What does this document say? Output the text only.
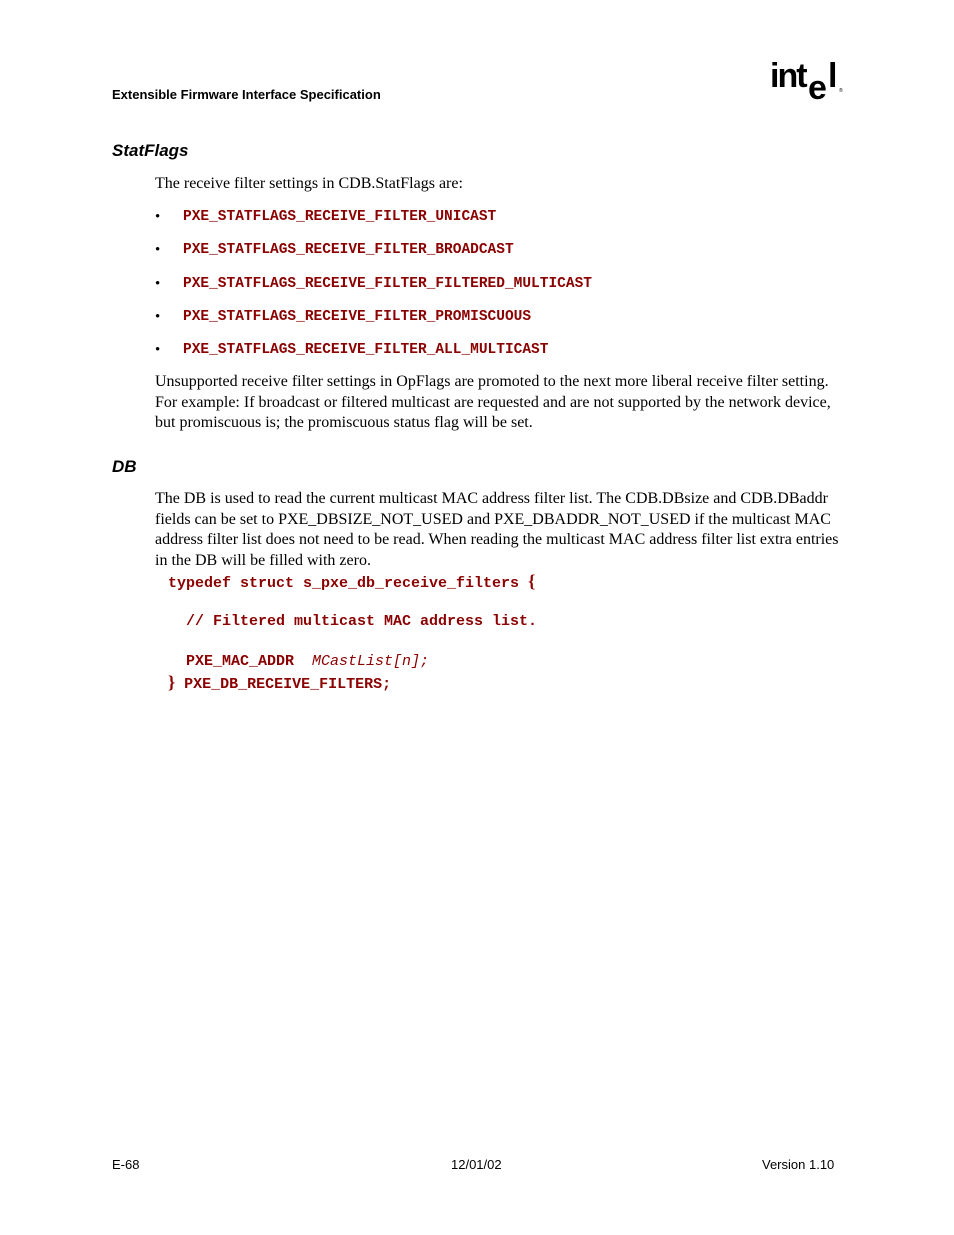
Extensible Firmware Interface Specification	int e l ®
StatFlags
The receive filter settings in CDB.StatFlags are:
•	PXE_STATFLAGS_RECEIVE_FILTER_UNICAST
•	PXE_STATFLAGS_RECEIVE_FILTER_BROADCAST
•	PXE_STATFLAGS_RECEIVE_FILTER_FILTERED_MULTICAST
•	PXE_STATFLAGS_RECEIVE_FILTER_PROMISCUOUS
•	PXE_STATFLAGS_RECEIVE_FILTER_ALL_MULTICAST
Unsupported receive filter settings in OpFlags are promoted to the next more liberal receive filter setting. For example: If broadcast or filtered multicast are requested and are not supported by the network device, but promiscuous is; the promiscuous status flag will be set.
DB
The DB is used to read the current multicast MAC address filter list. The CDB.DBsize and CDB.DBaddr fields can be set to PXE_DBSIZE_NOT_USED and PXE_DBADDR_NOT_USED if the multicast MAC address filter list does not need to be read. When reading the multicast MAC address filter list extra entries in the DB will be filled with zero.
typedef struct s_pxe_db_receive_filters {

// Filtered multicast MAC address list.

PXE_MAC_ADDR  MCastList[n];
} PXE_DB_RECEIVE_FILTERS;
E-68	12/01/02	Version 1.10
